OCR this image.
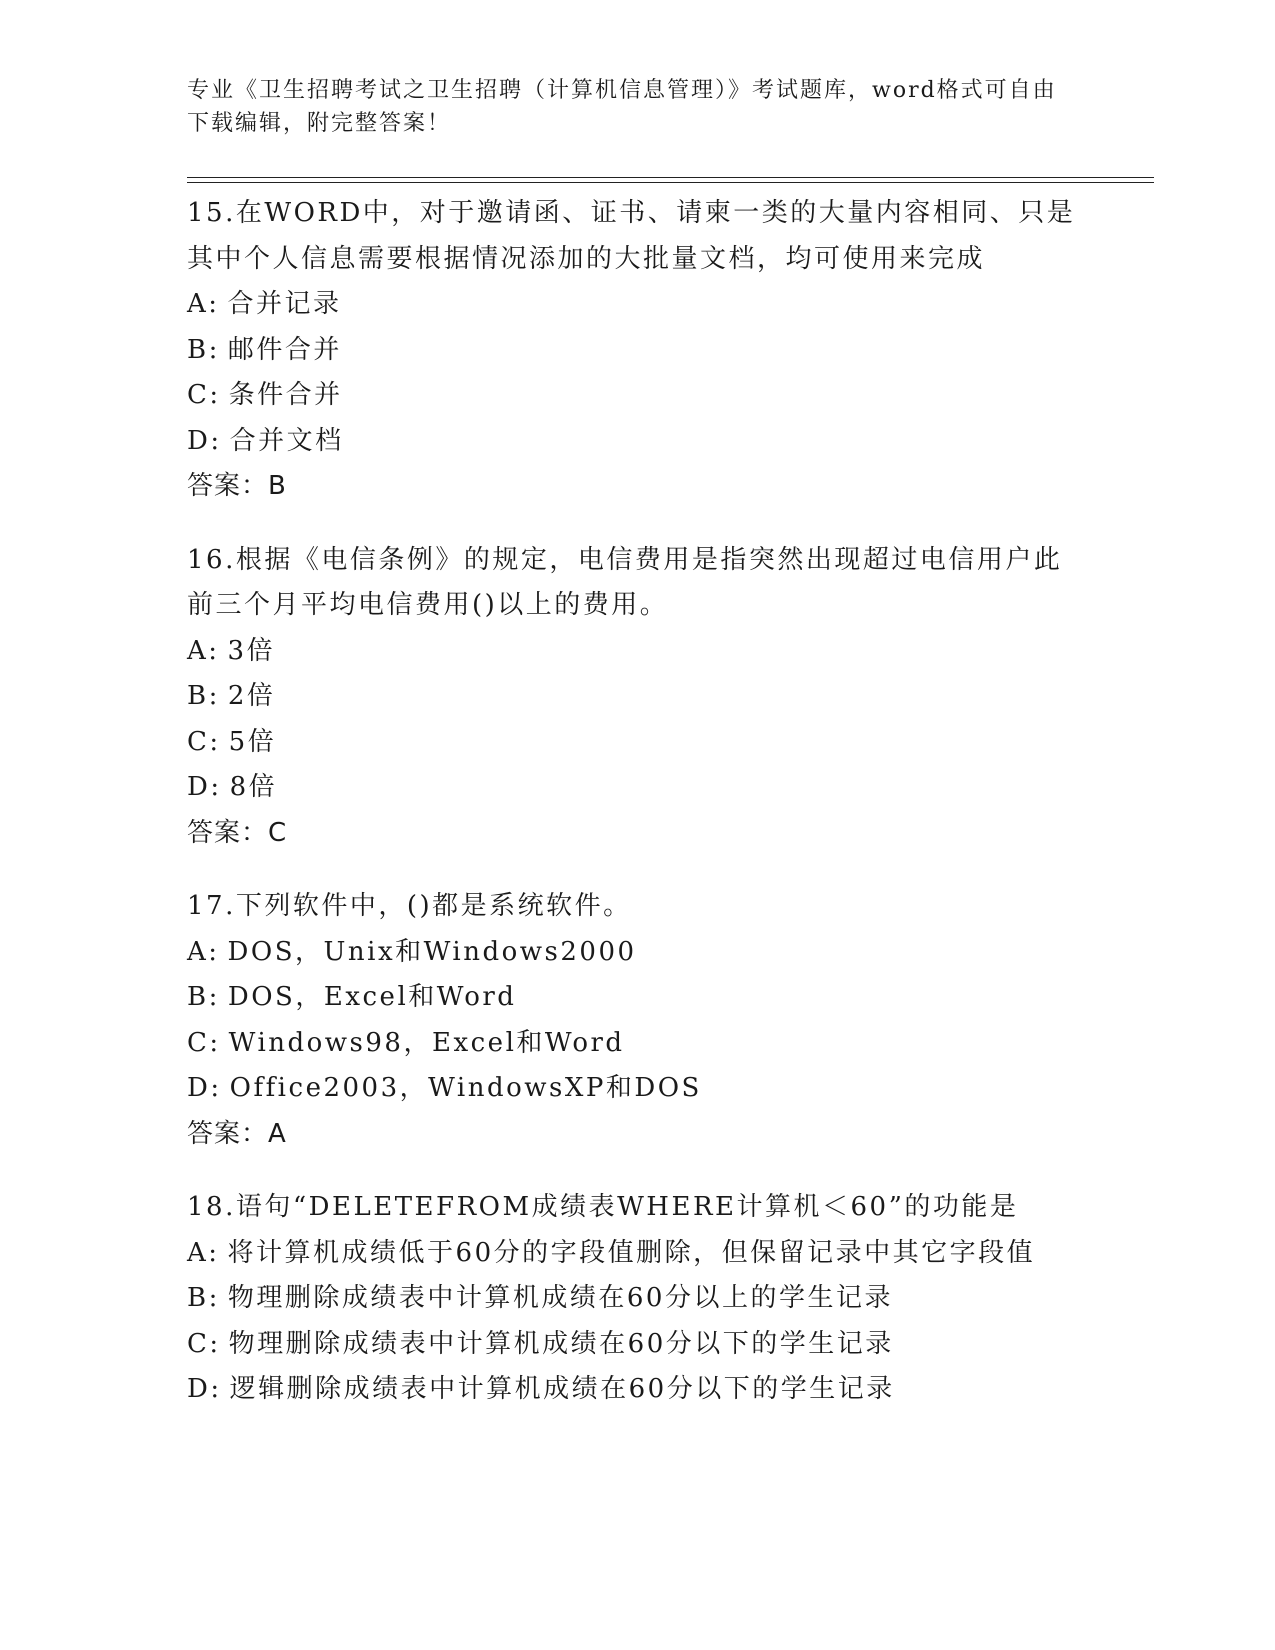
专业《卫生招聘考试之卫生招聘（计算机信息管理）》考试题库，word格式可自由下载编辑，附完整答案！
15.在WORD中，对于邀请函、证书、请柬一类的大量内容相同、只是其中个人信息需要根据情况添加的大批量文档，均可使用来完成
A : 合并记录
B : 邮件合并
C : 条件合并
D : 合并文档
答案：B
16.根据《电信条例》的规定，电信费用是指突然出现超过电信用户此前三个月平均电信费用()以上的费用。
A : 3倍
B : 2倍
C : 5倍
D : 8倍
答案：C
17.下列软件中，()都是系统软件。
A : DOS，Unix和Windows2000
B : DOS，Excel和Word
C : Windows98，Excel和Word
D : Office2003，WindowsXP和DOS
答案：A
18.语句“DELETEFROM成绩表WHERE计算机＜60”的功能是
A : 将计算机成绩低于60分的字段值删除，但保留记录中其它字段值
B : 物理删除成绩表中计算机成绩在60分以上的学生记录
C : 物理删除成绩表中计算机成绩在60分以下的学生记录
D : 逻辑删除成绩表中计算机成绩在60分以下的学生记录
